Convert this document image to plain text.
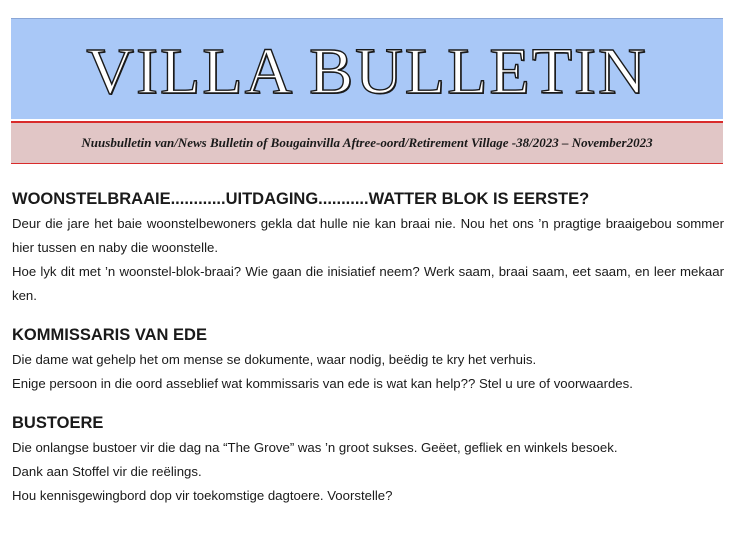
VILLA BULLETIN
Nuusbulletin van/News Bulletin of Bougainvilla Aftree-oord/Retirement Village -38/2023 – November2023
WOONSTELBRAAIE............UITDAGING...........WATTER BLOK IS EERSTE?

Deur die jare het baie woonstelbewoners gekla dat hulle nie kan braai nie. Nou het ons ’n pragtige braaigebou sommer hier tussen en naby die woonstelle.

Hoe lyk dit met ’n woonstel-blok-braai? Wie gaan die inisiatief neem? Werk saam, braai saam, eet saam, en leer mekaar ken.

KOMMISSARIS VAN EDE

Die dame wat gehelp het om mense se dokumente, waar nodig, beëdig te kry het verhuis.

Enige persoon in die oord asseblief wat kommissaris van ede is wat kan help?? Stel u ure of voorwaardes.

BUSTOERE

Die onlangse bustoer vir die dag na “The Grove” was ’n groot sukses. Geëet, gefliek en winkels besoek.

Dank aan Stoffel vir die reëlings.

Hou kennisgewingbord dop vir toekomstige dagtoere. Voorstelle?
